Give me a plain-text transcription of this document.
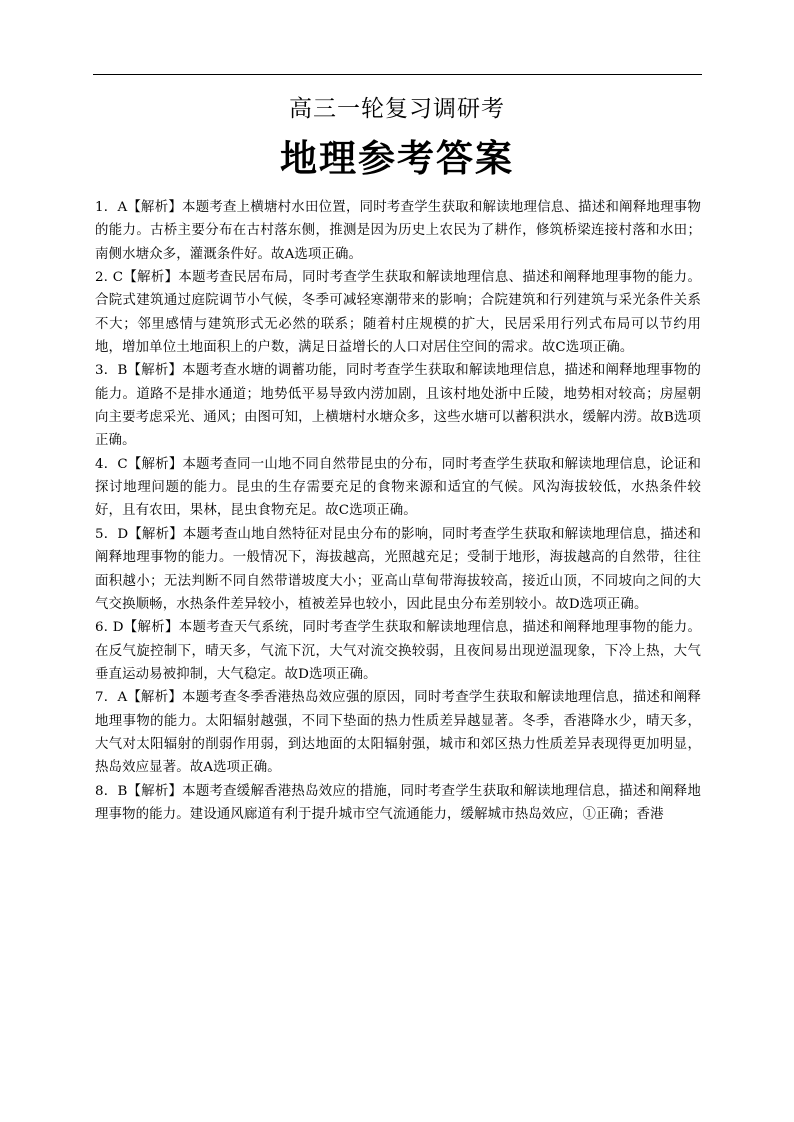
高三一轮复习调研考
地理参考答案

1．A【解析】本题考查上横塘村水田位置，同时考查学生获取和解读地理信息、描述和阐释地理事物的能力。古桥主要分布在古村落东侧，推测是因为历史上农民为了耕作，修筑桥梁连接村落和水田；南侧水塘众多，灌溉条件好。故A选项正确。

2. C【解析】本题考查民居布局，同时考查学生获取和解读地理信息、描述和阐释地理事物的能力。合院式建筑通过庭院调节小气候，冬季可减轻寒潮带来的影响；合院建筑和行列建筑与采光条件关系不大；邻里感情与建筑形式无必然的联系；随着村庄规模的扩大，民居采用行列式布局可以节约用地，增加单位土地面积上的户数，满足日益增长的人口对居住空间的需求。故C选项正确。

3．B【解析】本题考查水塘的调蓄功能，同时考查学生获取和解读地理信息，描述和阐释地理事物的能力。道路不是排水通道；地势低平易导致内涝加剧，且该村地处浙中丘陵，地势相对较高；房屋朝向主要考虑采光、通风；由图可知，上横塘村水塘众多，这些水塘可以蓄积洪水，缓解内涝。故B选项正确。

4．C【解析】本题考查同一山地不同自然带昆虫的分布，同时考查学生获取和解读地理信息，论证和探讨地理问题的能力。昆虫的生存需要充足的食物来源和适宜的气候。风沟海拔较低，水热条件较好，且有农田，果林，昆虫食物充足。故C选项正确。

5．D【解析】本题考查山地自然特征对昆虫分布的影响，同时考查学生获取和解读地理信息，描述和阐释地理事物的能力。一般情况下，海拔越高，光照越充足；受制于地形，海拔越高的自然带，往往面积越小；无法判断不同自然带谱坡度大小；亚高山草甸带海拔较高，接近山顶，不同坡向之间的大气交换顺畅，水热条件差异较小，植被差异也较小，因此昆虫分布差别较小。故D选项正确。

6. D【解析】本题考查天气系统，同时考查学生获取和解读地理信息，描述和阐释地理事物的能力。在反气旋控制下，晴天多，气流下沉，大气对流交换较弱，且夜间易出现逆温现象，下冷上热，大气垂直运动易被抑制，大气稳定。故D选项正确。

7．A【解析】本题考查冬季香港热岛效应强的原因，同时考查学生获取和解读地理信息，描述和阐释地理事物的能力。太阳辐射越强，不同下垫面的热力性质差异越显著。冬季，香港降水少，晴天多，大气对太阳辐射的削弱作用弱，到达地面的太阳辐射强，城市和郊区热力性质差异表现得更加明显，热岛效应显著。故A选项正确。

8．B【解析】本题考查缓解香港热岛效应的措施，同时考查学生获取和解读地理信息，描述和阐释地理事物的能力。建设通风廊道有利于提升城市空气流通能力，缓解城市热岛效应，①正确；香港
